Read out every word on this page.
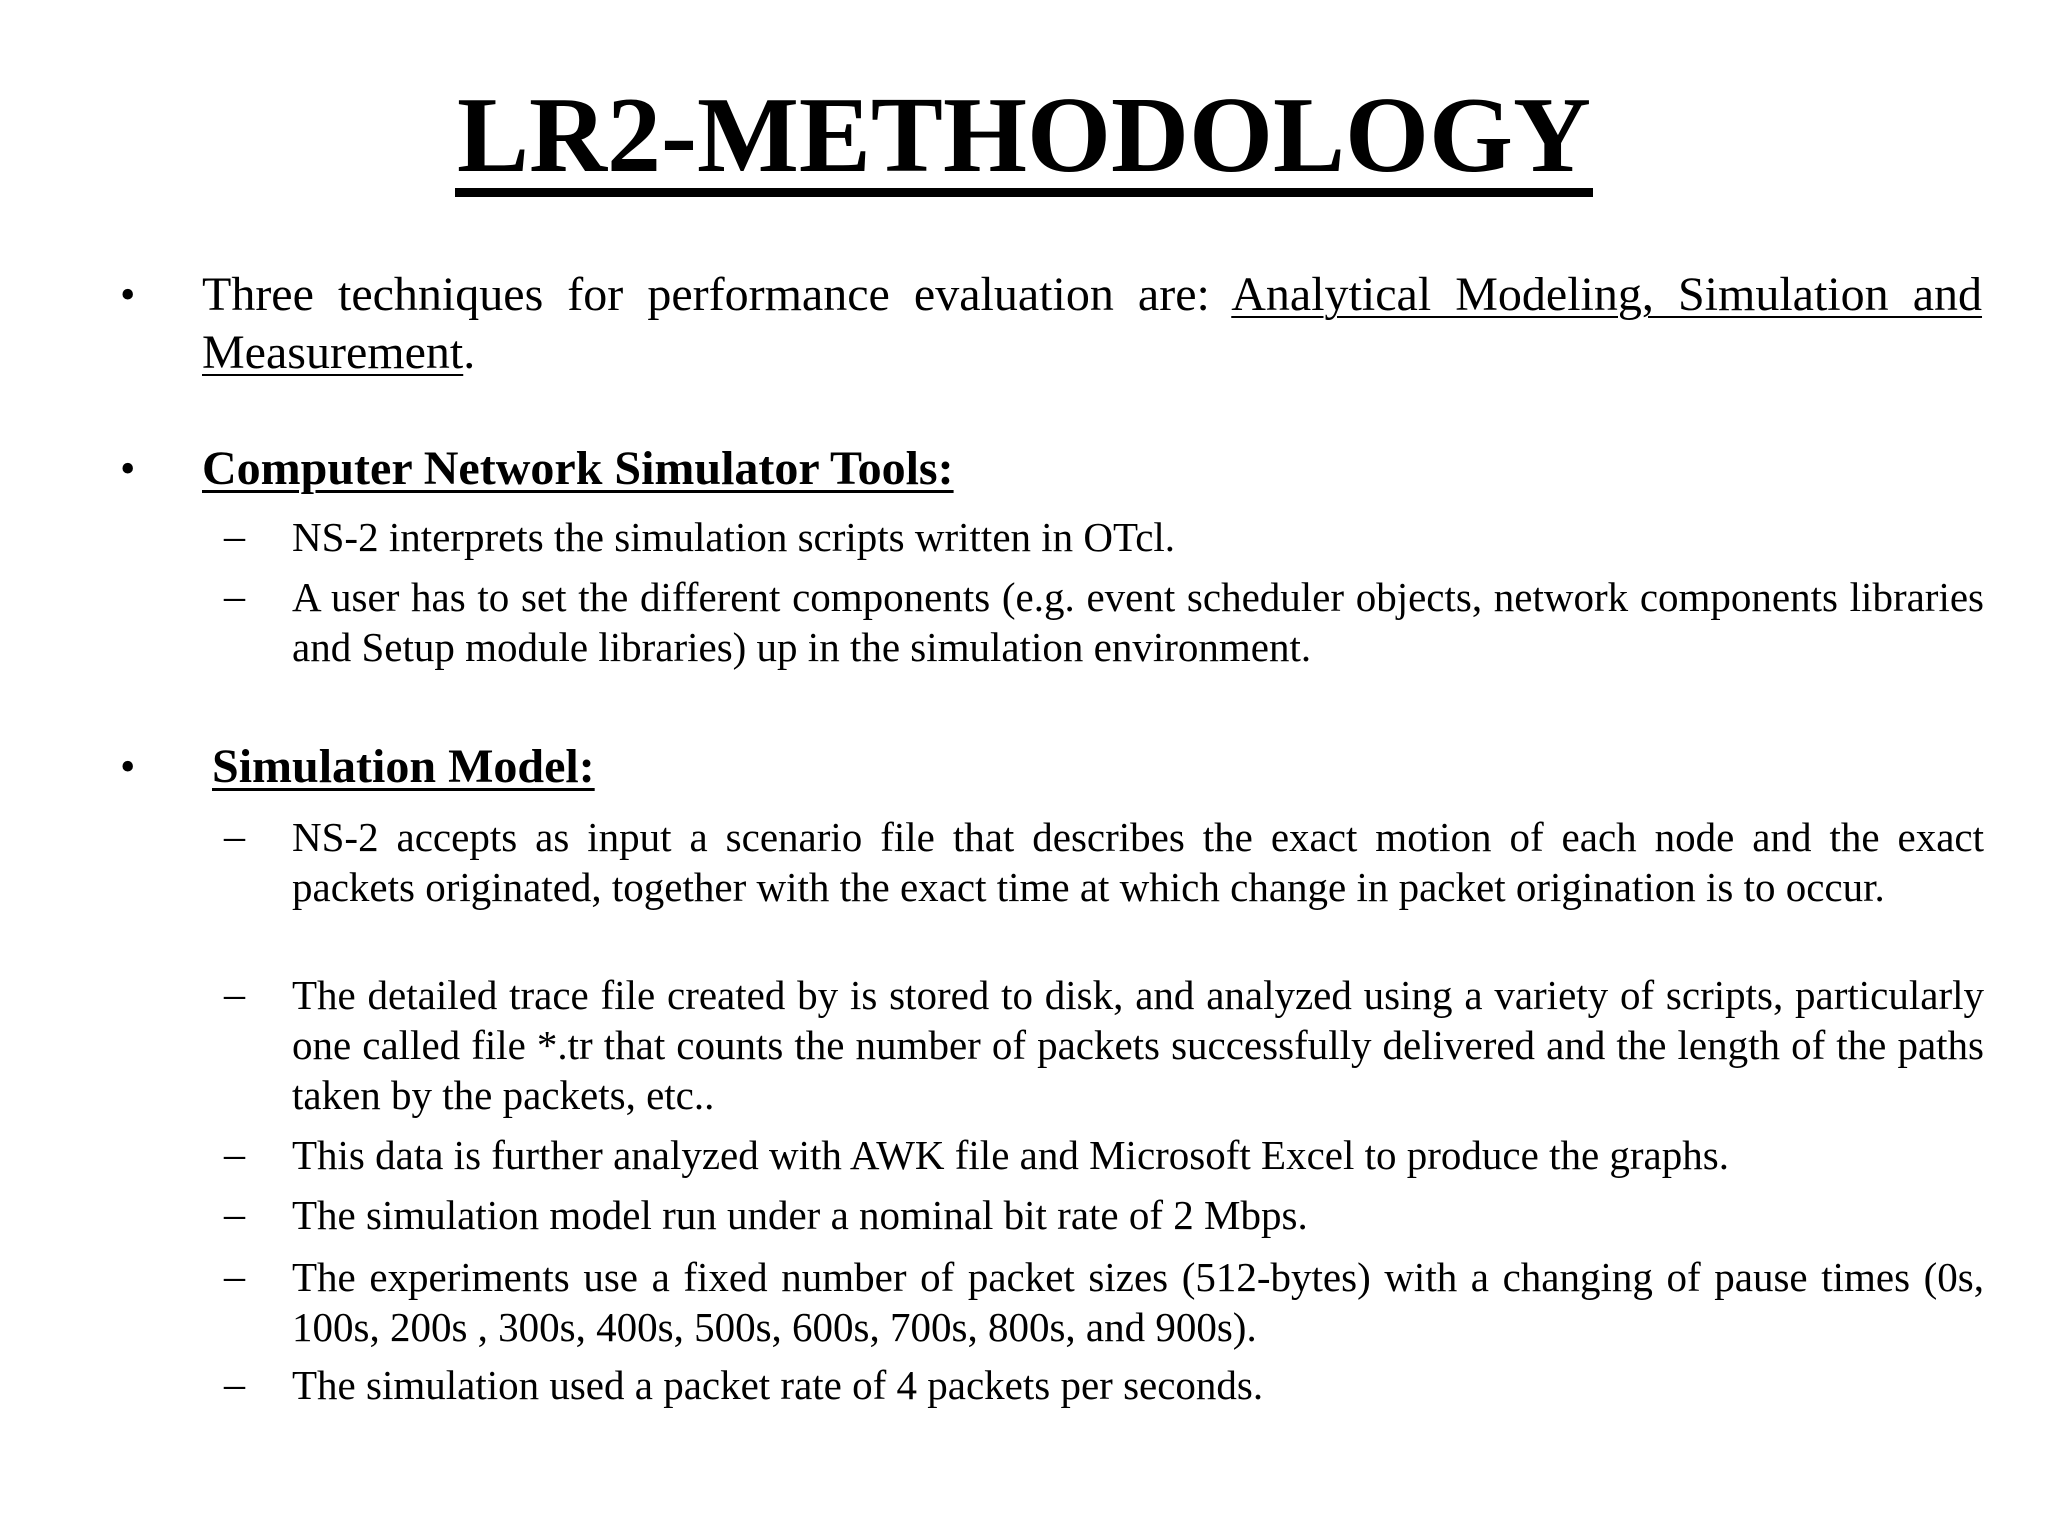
LR2-METHODOLOGY
• Three techniques for performance evaluation are: Analytical Modeling, Simulation and Measurement.
• Computer Network Simulator Tools:
– NS-2 interprets the simulation scripts written in OTcl.
– A user has to set the different components (e.g. event scheduler objects, network components libraries and Setup module libraries) up in the simulation environment.
• Simulation Model:
– NS-2 accepts as input a scenario file that describes the exact motion of each node and the exact packets originated, together with the exact time at which change in packet origination is to occur.
– The detailed trace file created by is stored to disk, and analyzed using a variety of scripts, particularly one called file *.tr that counts the number of packets successfully delivered and the length of the paths taken by the packets, etc..
– This data is further analyzed with AWK file and Microsoft Excel to produce the graphs.
– The simulation model run under a nominal bit rate of 2 Mbps.
– The experiments use a fixed number of packet sizes (512-bytes) with a changing of pause times (0s, 100s, 200s , 300s, 400s, 500s, 600s, 700s, 800s, and 900s).
– The simulation used a packet rate of 4 packets per seconds.
